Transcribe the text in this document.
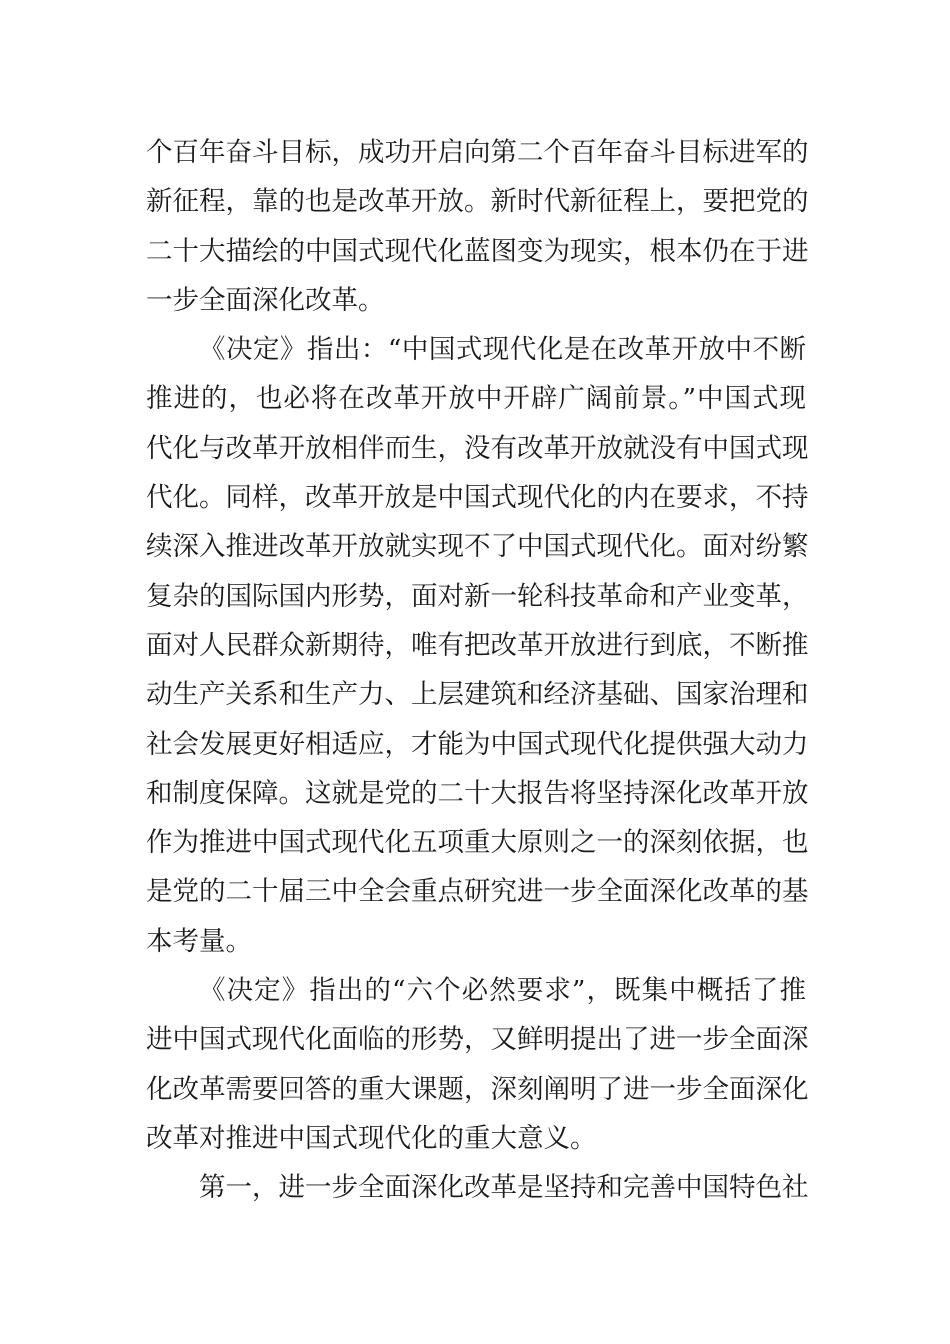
个百年奋斗目标，成功开启向第二个百年奋斗目标进军的
新征程，靠的也是改革开放。新时代新征程上，要把党的
二十大描绘的中国式现代化蓝图变为现实，根本仍在于进
一步全面深化改革。
《决定》指出：“中国式现代化是在改革开放中不断
推进的，也必将在改革开放中开辟广阔前景。”中国式现
代化与改革开放相伴而生，没有改革开放就没有中国式现
代化。同样，改革开放是中国式现代化的内在要求，不持
续深入推进改革开放就实现不了中国式现代化。面对纷繁
复杂的国际国内形势，面对新一轮科技革命和产业变革，
面对人民群众新期待，唯有把改革开放进行到底，不断推
动生产关系和生产力、上层建筑和经济基础、国家治理和
社会发展更好相适应，才能为中国式现代化提供强大动力
和制度保障。这就是党的二十大报告将坚持深化改革开放
作为推进中国式现代化五项重大原则之一的深刻依据，也
是党的二十届三中全会重点研究进一步全面深化改革的基
本考量。
《决定》指出的“六个必然要求”，既集中概括了推
进中国式现代化面临的形势，又鲜明提出了进一步全面深
化改革需要回答的重大课题，深刻阐明了进一步全面深化
改革对推进中国式现代化的重大意义。
第一，进一步全面深化改革是坚持和完善中国特色社
